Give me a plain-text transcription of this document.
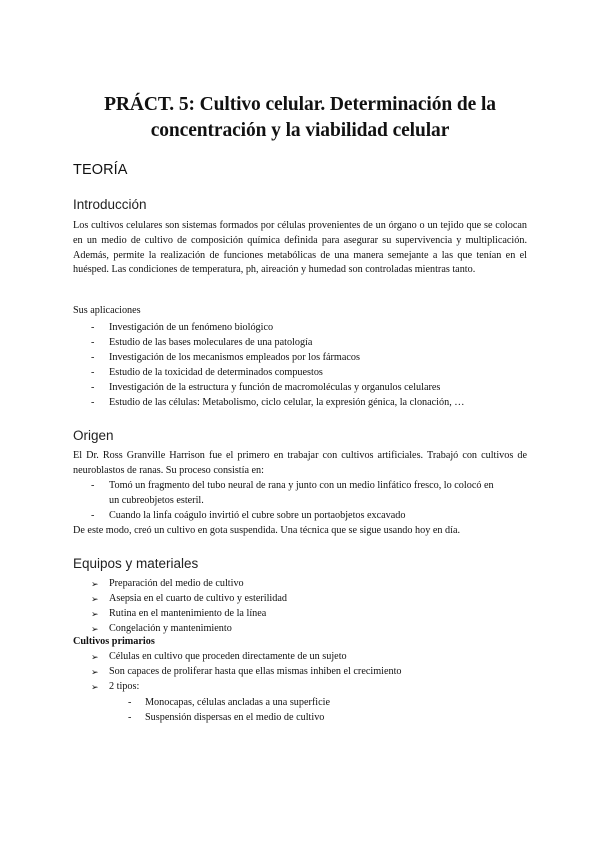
PRÁCT. 5: Cultivo celular. Determinación de la
concentración y la viabilidad celular
TEORÍA
Introducción
Los cultivos celulares son sistemas formados por células provenientes de un órgano o un tejido que se colocan en un medio de cultivo de composición química definida para asegurar su supervivencia y multiplicación. Además, permite la realización de funciones metabólicas de una manera semejante a las que tenían en el huésped. Las condiciones de temperatura, ph, aireación y humedad son controladas mientras tanto.
Sus aplicaciones
- Investigación de un fenómeno biológico
- Estudio de las bases moleculares de una patología
- Investigación de los mecanismos empleados por los fármacos
- Estudio de la toxicidad de determinados compuestos
- Investigación de la estructura y función de macromoléculas y organulos celulares
- Estudio de las células: Metabolismo, ciclo celular, la expresión génica, la clonación, …
Origen
El Dr. Ross Granville Harrison fue el primero en trabajar con cultivos artificiales. Trabajó con cultivos de neuroblastos de ranas. Su proceso consistía en:
- Tomó un fragmento del tubo neural de rana y junto con un medio linfático fresco, lo colocó en
un cubreobjetos esteril.
- Cuando la linfa coágulo invirtió el cubre sobre un portaobjetos excavado
De este modo, creó un cultivo en gota suspendida. Una técnica que se sigue usando hoy en día.
Equipos y materiales
➢ Preparación del medio de cultivo
➢ Asepsia en el cuarto de cultivo y esterilidad
➢ Rutina en el mantenimiento de la línea
➢ Congelación y mantenimiento
Cultivos primarios
➢ Células en cultivo que proceden directamente de un sujeto
➢ Son capaces de proliferar hasta que ellas mismas inhiben el crecimiento
➢ 2 tipos:
- Monocapas, células ancladas a una superficie
- Suspensión dispersas en el medio de cultivo
